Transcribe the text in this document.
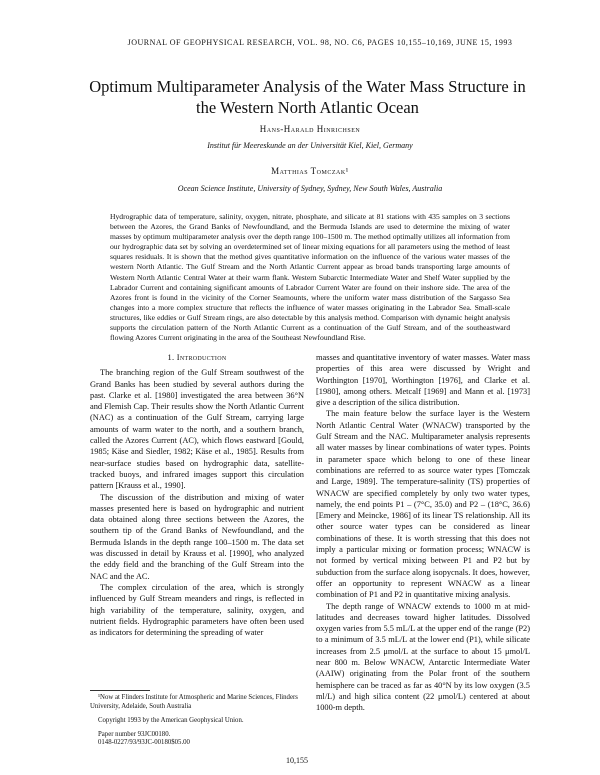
JOURNAL OF GEOPHYSICAL RESEARCH, VOL. 98, NO. C6, PAGES 10,155–10,169, JUNE 15, 1993
Optimum Multiparameter Analysis of the Water Mass Structure in the Western North Atlantic Ocean
Hans-Harald Hinrichsen
Institut für Meereskunde an der Universität Kiel, Kiel, Germany
Matthias Tomczak¹
Ocean Science Institute, University of Sydney, Sydney, New South Wales, Australia

Hydrographic data of temperature, salinity, oxygen, nitrate, phosphate, and silicate at 81 stations with 435 samples on 3 sections between the Azores, the Grand Banks of Newfoundland, and the Bermuda Islands are used to determine the mixing of water masses by optimum multiparameter analysis over the depth range 100–1500 m. The method optimally utilizes all information from our hydrographic data set by solving an overdetermined set of linear mixing equations for all parameters using the method of least squares residuals. It is shown that the method gives quantitative information on the influence of the various water masses of the western North Atlantic. The Gulf Stream and the North Atlantic Current appear as broad bands transporting large amounts of Western North Atlantic Central Water at their warm flank. Western Subarctic Intermediate Water and Shelf Water supplied by the Labrador Current and containing significant amounts of Labrador Current Water are found on their inshore side. The area of the Azores front is found in the vicinity of the Corner Seamounts, where the uniform water mass distribution of the Sargasso Sea changes into a more complex structure that reflects the influence of water masses originating in the Labrador Sea. Small-scale structures, like eddies or Gulf Stream rings, are also detectable by this analysis method. Comparison with dynamic height analysis supports the circulation pattern of the North Atlantic Current as a continuation of the Gulf Stream, and of the southeastward flowing Azores Current originating in the area of the Southeast Newfoundland Rise.

1. Introduction

The branching region of the Gulf Stream southwest of the Grand Banks has been studied by several authors during the past. Clarke et al. [1980] investigated the area between 36°N and Flemish Cap. Their results show the North Atlantic Current (NAC) as a continuation of the Gulf Stream, carrying large amounts of warm water to the north, and a southern branch, called the Azores Current (AC), which flows eastward [Gould, 1985; Käse and Siedler, 1982; Käse et al., 1985]. Results from near-surface studies based on hydrographic data, satellite-tracked buoys, and infrared images support this circulation pattern [Krauss et al., 1990].

The discussion of the distribution and mixing of water masses presented here is based on hydrographic and nutrient data obtained along three sections between the Azores, the southern tip of the Grand Banks of Newfoundland, and the Bermuda Islands in the depth range 100–1500 m. The data set was discussed in detail by Krauss et al. [1990], who analyzed the eddy field and the branching of the Gulf Stream into the NAC and the AC.

The complex circulation of the area, which is strongly influenced by Gulf Stream meanders and rings, is reflected in high variability of the temperature, salinity, oxygen, and nutrient fields. Hydrographic parameters have often been used as indicators for determining the spreading of water

masses and quantitative inventory of water masses. Water mass properties of this area were discussed by Wright and Worthington [1970], Worthington [1976], and Clarke et al. [1980], among others. Metcalf [1969] and Mann et al. [1973] give a description of the silica distribution.

The main feature below the surface layer is the Western North Atlantic Central Water (WNACW) transported by the Gulf Stream and the NAC. Multiparameter analysis represents all water masses by linear combinations of water types. Points in parameter space which belong to one of these linear combinations are referred to as source water types [Tomczak and Large, 1989]. The temperature-salinity (TS) properties of WNACW are specified completely by only two water types, namely, the end points P1 – (7°C, 35.0) and P2 – (18°C, 36.6) [Emery and Meincke, 1986] of its linear TS relationship. All its other source water types can be considered as linear combinations of these. It is worth stressing that this does not imply a particular mixing or formation process; WNACW is not formed by vertical mixing between P1 and P2 but by subduction from the surface along isopycnals. It does, however, offer an opportunity to represent WNACW as a linear combination of P1 and P2 in quantitative mixing analysis.

The depth range of WNACW extends to 1000 m at mid-latitudes and decreases toward higher latitudes. Dissolved oxygen varies from 5.5 mL/L at the upper end of the range (P2) to a minimum of 3.5 mL/L at the lower end (P1), while silicate increases from 2.5 μmol/L at the surface to about 15 μmol/L near 800 m. Below WNACW, Antarctic Intermediate Water (AAIW) originating from the Polar front of the southern hemisphere can be traced as far as 40°N by its low oxygen (3.5 ml/L) and high silica content (22 μmol/L) centered at about 1000-m depth.

¹Now at Flinders Institute for Atmospheric and Marine Sciences, Flinders University, Adelaide, South Australia

Copyright 1993 by the American Geophysical Union.

Paper number 93JC00180.

0148-0227/93/93JC-00180$05.00

10,155
